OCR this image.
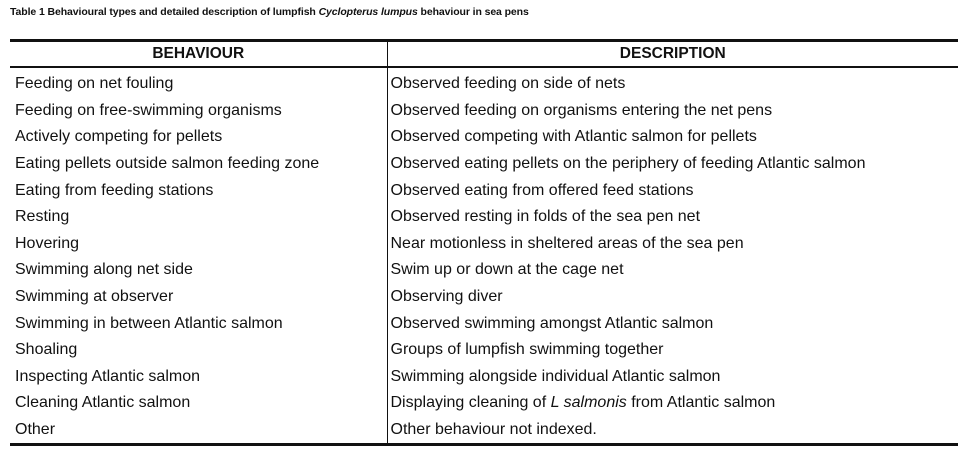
Table 1 Behavioural types and detailed description of lumpfish Cyclopterus lumpus behaviour in sea pens
BEHAVIOUR	DESCRIPTION
Feeding on net fouling	Observed feeding on side of nets
Feeding on free-swimming organisms	Observed feeding on organisms entering the net pens
Actively competing for pellets	Observed competing with Atlantic salmon for pellets
Eating pellets outside salmon feeding zone	Observed eating pellets on the periphery of feeding Atlantic salmon
Eating from feeding stations	Observed eating from offered feed stations
Resting	Observed resting in folds of the sea pen net
Hovering	Near motionless in sheltered areas of the sea pen
Swimming along net side	Swim up or down at the cage net
Swimming at observer	Observing diver
Swimming in between Atlantic salmon	Observed swimming amongst Atlantic salmon
Shoaling	Groups of lumpfish swimming together
Inspecting Atlantic salmon	Swimming alongside individual Atlantic salmon
Cleaning Atlantic salmon	Displaying cleaning of L salmonis from Atlantic salmon
Other	Other behaviour not indexed.
